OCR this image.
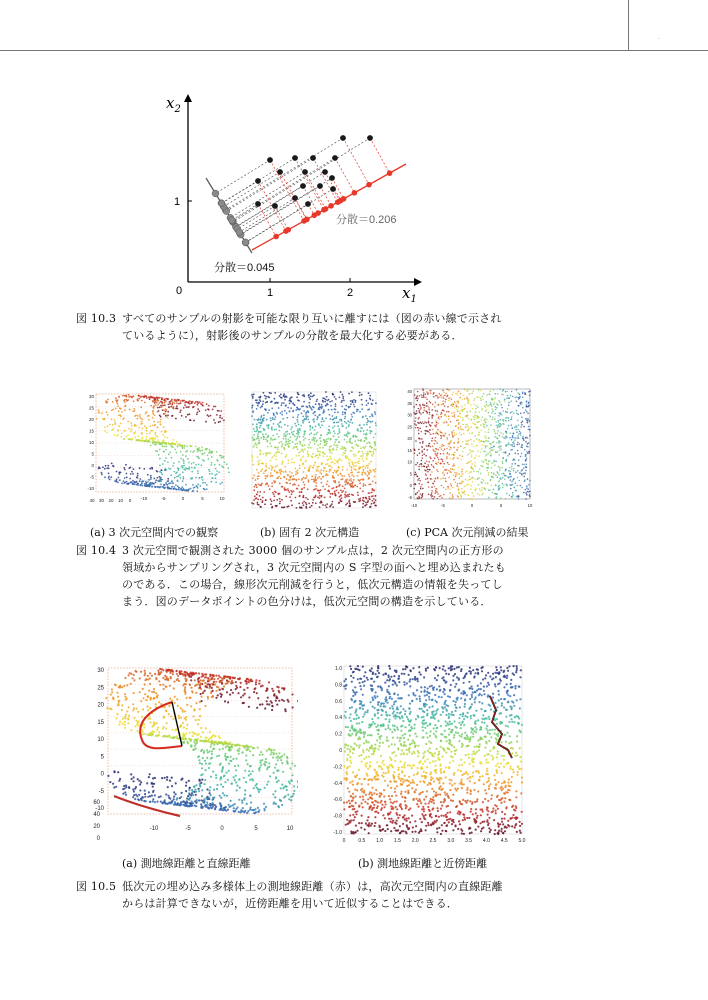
·
$x_2$
$x_1$
0	1	2
1
分散＝0.206
分散＝0.045
図 10.3 すべてのサンプルの射影を可能な限り互いに離すには（図の赤い線で示され
ているように），射影後のサンプルの分散を最大化する必要がある．
30
25
20
15
10
5
0
-5
-10
40 30 20 10 0 -10	-5	0	5	10
40
35
30
25
20
15
10
5
0
-5
-10	-5	0	5	10
(a) 3 次元空間内での観察	(b) 固有 2 次元構造	(c) PCA 次元削減の結果
図 10.4 3 次元空間で観測された 3000 個のサンプル点は，2 次元空間内の正方形の
領域からサンプリングされ，3 次元空間内の S 字型の面へと埋め込まれたも
のである．この場合，線形次元削減を行うと，低次元構造の情報を失ってし
まう．図のデータポイントの色分けは，低次元空間の構造を示している．
30
25
20
15
10
5
0
-5
-10
60
40
20
0
-10	-5	0	5	10
1.0
0.8
0.6
0.4
0.2
0
-0.2
-0.4
-0.6
-0.8
-1.0
0	0.5 1.0 1.5 2.0 2.5 3.0 3.5 4.0 4.5 5.0
(a) 測地線距離と直線距離	(b) 測地線距離と近傍距離
図 10.5 低次元の埋め込み多様体上の測地線距離（赤）は，高次元空間内の直線距離
からは計算できないが，近傍距離を用いて近似することはできる．
